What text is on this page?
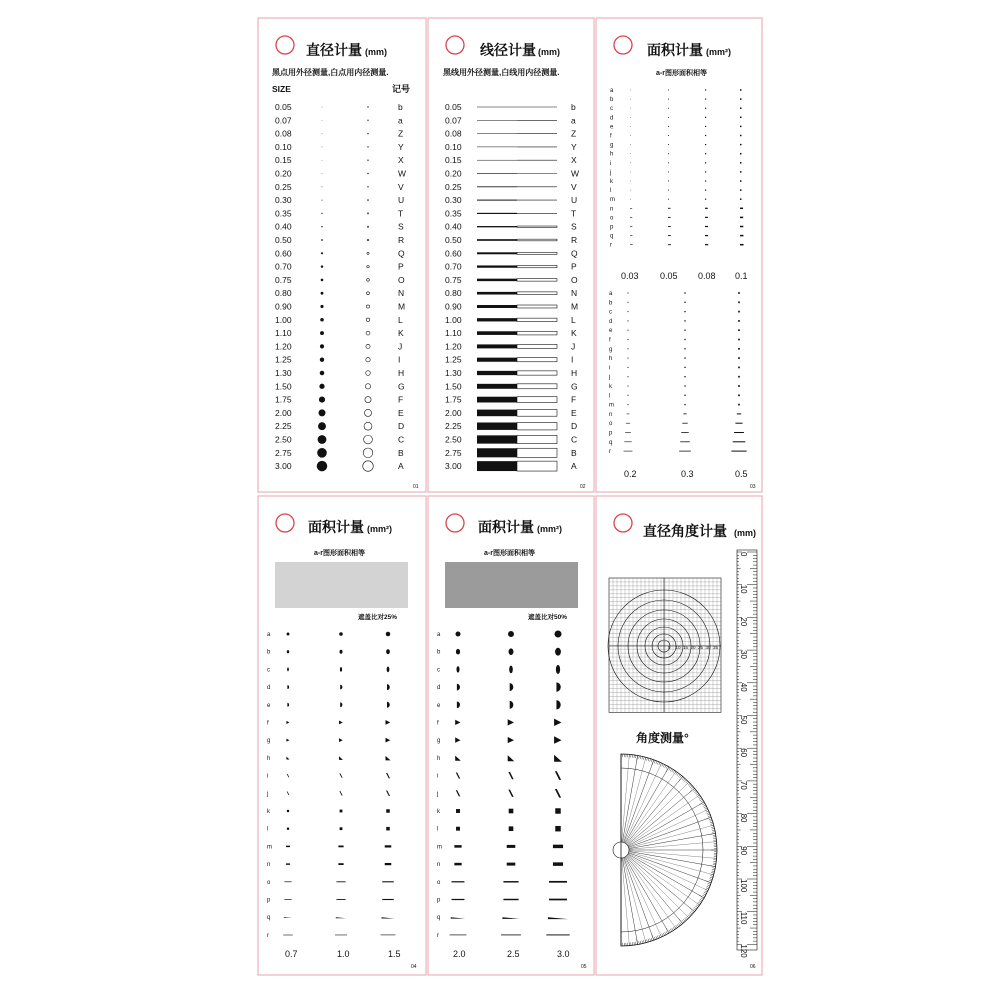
直径计量 (mm)
黑点用外径测量,白点用内径测量.
SIZE	记号
0.05	b
0.07	a
0.08	Z
0.10	Y
0.15	X
0.20	W
0.25	V
0.30	U
0.35	T
0.40	S
0.50	R
0.60	Q
0.70	P
0.75	O
0.80	N
0.90	M
1.00	L
1.10	K
1.20	J
1.25	I
1.30	H
1.50	G
1.75	F
2.00	E
2.25	D
2.50	C
2.75	B
3.00	A
01
线径计量 (mm)
黑线用外径测量,白线用内径测量.
0.05	b
0.07	a
0.08	Z
0.10	Y
0.15	X
0.20	W
0.25	V
0.30	U
0.35	T
0.40	S
0.50	R
0.60	Q
0.70	P
0.75	O
0.80	N
0.90	M
1.00	L
1.10	K
1.20	J
1.25	I
1.30	H
1.50	G
1.75	F
2.00	E
2.25	D
2.50	C
2.75	B
3.00	A
02
面积计量 (mm²)
a-r图形面积相等
a
b
c
d
e
f
g
h
i
j
k
l
m
n
o
p
q
r
0.03 0.05 0.08 0.1
a
b
c
d
e
f
g
h
i
j
k
l
m
n
o
p
q
r
0.2	0.3	0.5
03
面积计量 (mm²)
a-r图形面积相等
遮盖比对25%
a
b
c
d
e
f
g
h
i
j
k
l
m
n
o
p
q
r
0.7	1.0	1.5
04
面积计量 (mm²)
a-r图形面积相等
遮盖比对50%
a
b
c
d
e
f
g
h
i
j
k
l
m
n
o
p
q
r
2.0	2.5	3.0
05
直径角度计量 (mm)
0
10
20
30
40
50
60
70
80
90
100
110
120
5 10 15 20 25 30 35
角度测量°
06
